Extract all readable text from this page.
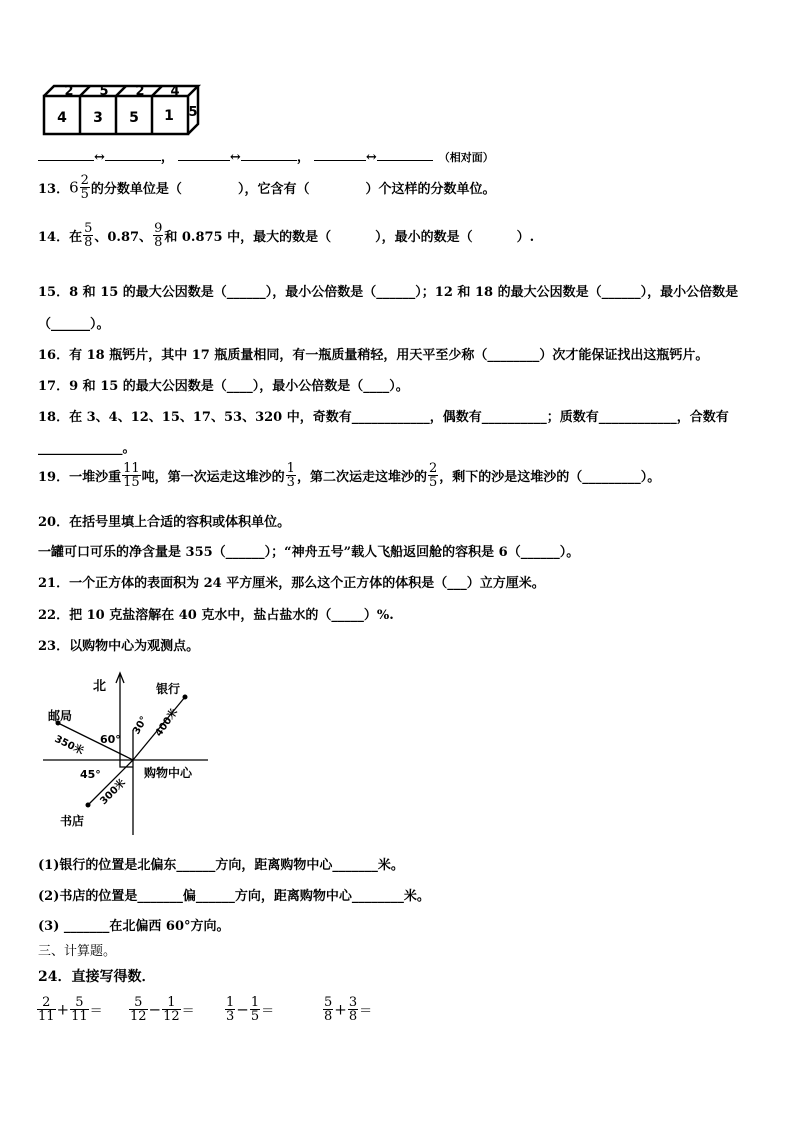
4 3 5 1
2 5 2 4
5
↔	，	↔	，	↔	（相对面）
13．$6 \frac{2}{5}$ 的分数单位是（	），它含有（	）个这样的分数单位。
14．在 $\frac{5}{8}$ 、0.87、 $\frac{9}{8}$ 和 0.875 中，最大的数是（	），最小的数是（	）.
15．8 和 15 的最大公因数是（______），最小公倍数是（______）；12 和 18 的最大公因数是（______），最小公倍数是
（______）。
16．有 18 瓶钙片，其中 17 瓶质量相同，有一瓶质量稍轻，用天平至少称（________）次才能保证找出这瓶钙片。
17．9 和 15 的最大公因数是（____），最小公倍数是（____）。
18．在 3、4、12、15、17、53、320 中，奇数有____________，偶数有__________；质数有____________，合数有
_____________。
19．一堆沙重 $\frac{11}{15}$ 吨，第一次运走这堆沙的 $\frac{1}{3}$ ，第二次运走这堆沙的 $\frac{2}{5}$ ，剩下的沙是这堆沙的（_________）。
20．在括号里填上合适的容积或体积单位。
一罐可口可乐的净含量是 355（______）；“神舟五号”载人飞船返回舱的容积是 6（______）。
21．一个正方体的表面积为 24 平方厘米，那么这个正方体的体积是（___）立方厘米。
22．把 10 克盐溶解在 40 克水中，盐占盐水的（_____）%.
23．以购物中心为观测点。
北	银行
邮局
书店
购物中心
30°
60°
45°
400米
350米
300米
(1)银行的位置是北偏东______方向，距离购物中心_______米。
(2)书店的位置是_______偏______方向，距离购物中心________米。
(3) _______在北偏西 60°方向。
三、计算题。
24．直接写得数．
$\frac{2}{11} + \frac{5}{11} = \frac{5}{12} - \frac{1}{12} = \frac{1}{3} - \frac{1}{5}$ ＝	$\frac{5}{8} + \frac{3}{8}$ ＝
